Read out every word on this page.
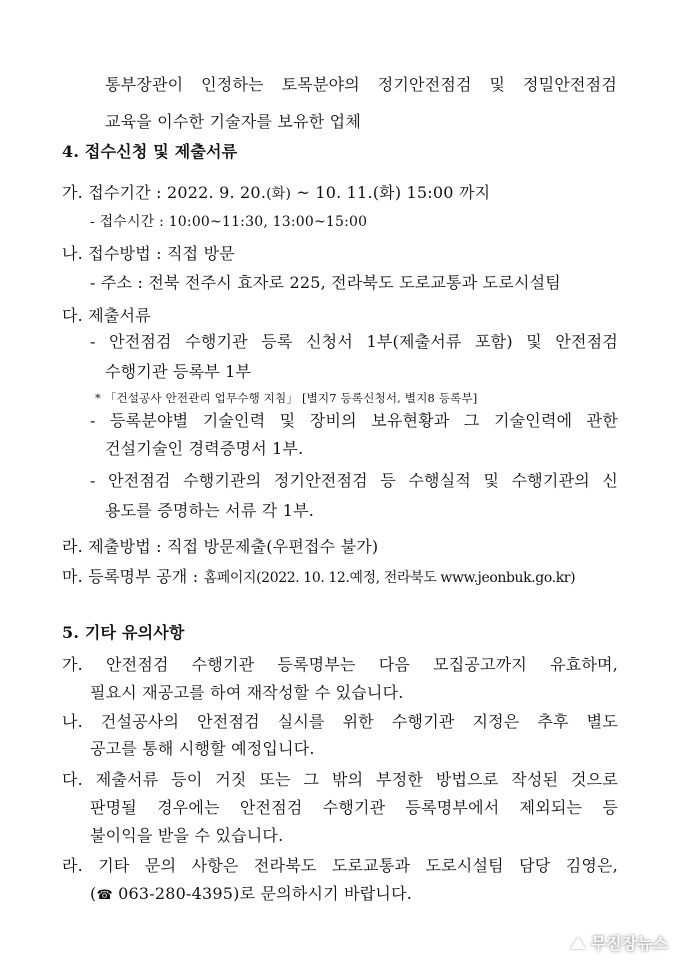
통부장관이 인정하는 토목분야의 정기안전점검 및 정밀안전점검
교육을 이수한 기술자를 보유한 업체
4. 접수신청 및 제출서류
가. 접수기간 : 2022. 9. 20.(화) ~ 10. 11.(화) 15:00 까지
- 접수시간 : 10:00~11:30, 13:00~15:00
나. 접수방법 : 직접 방문
- 주소 : 전북 전주시 효자로 225, 전라북도 도로교통과 도로시설팀
다. 제출서류
- 안전점검 수행기관 등록 신청서 1부(제출서류 포함) 및 안전점검
수행기관 등록부 1부
* 「건설공사 안전관리 업무수행 지침」 [별지7 등록신청서, 별지8 등록부]
- 등록분야별 기술인력 및 장비의 보유현황과 그 기술인력에 관한
건설기술인 경력증명서 1부.
- 안전점검 수행기관의 정기안전점검 등 수행실적 및 수행기관의 신
용도를 증명하는 서류 각 1부.
라. 제출방법 : 직접 방문제출(우편접수 불가)
마. 등록명부 공개 : 홈페이지(2022. 10. 12.예정, 전라북도 www.jeonbuk.go.kr)
5. 기타 유의사항
가. 안전점검 수행기관 등록명부는 다음 모집공고까지 유효하며,
필요시 재공고를 하여 재작성할 수 있습니다.
나. 건설공사의 안전점검 실시를 위한 수행기관 지정은 추후 별도
공고를 통해 시행할 예정입니다.
다. 제출서류 등이 거짓 또는 그 밖의 부정한 방법으로 작성된 것으로
판명될 경우에는 안전점검 수행기관 등록명부에서 제외되는 등
불이익을 받을 수 있습니다.
라. 기타 문의 사항은 전라북도 도로교통과 도로시설팀 담당 김영은,
(☎ 063-280-4395)로 문의하시기 바랍니다.
무진장뉴스
